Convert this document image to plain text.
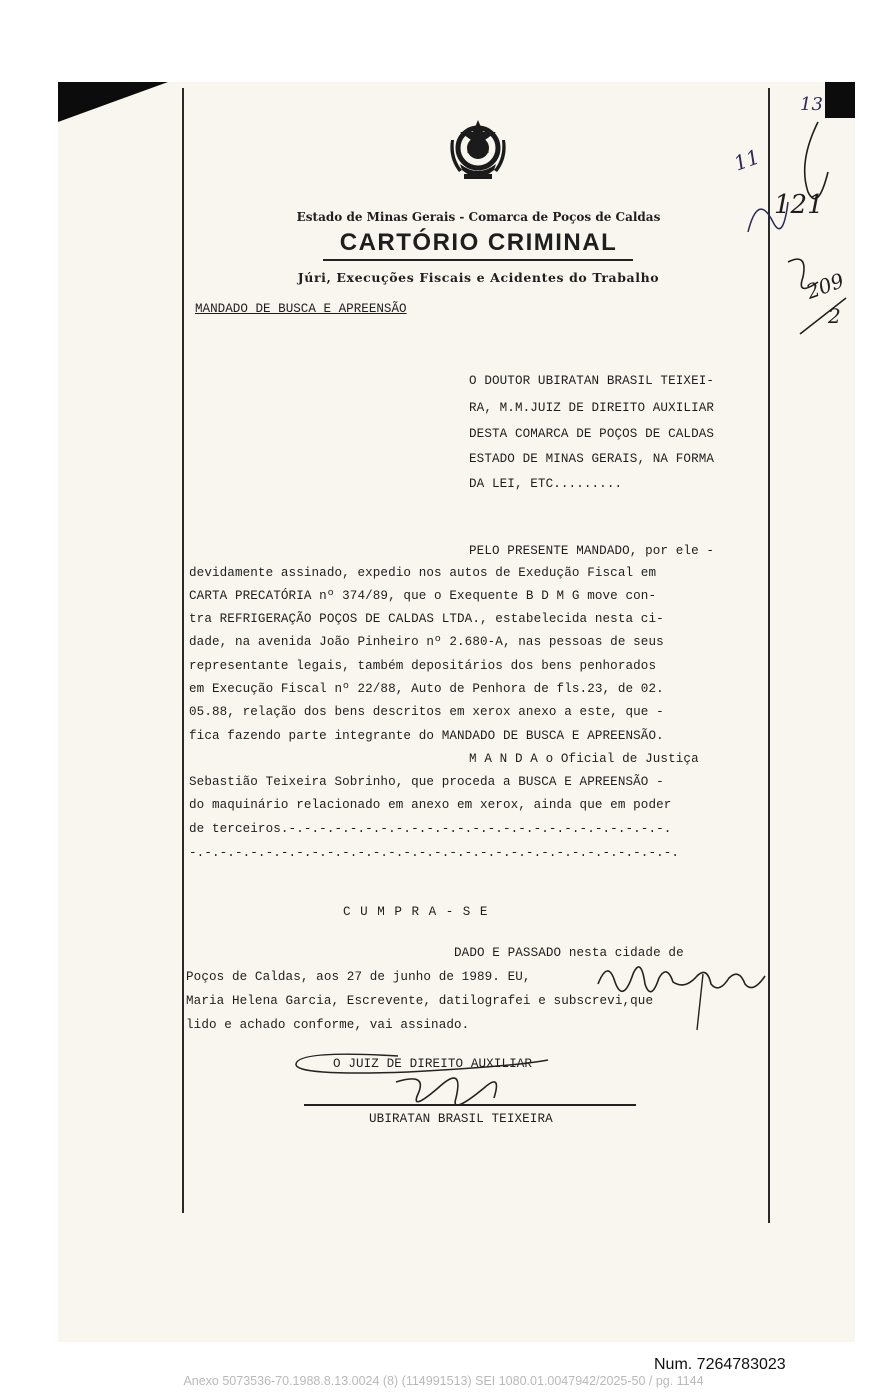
Estado de Minas Gerais - Comarca de Poços de Caldas
CARTÓRIO CRIMINAL
Júri, Execuções Fiscais e Acidentes do Trabalho
MANDADO DE BUSCA E APREENSÃO
O DOUTOR UBIRATAN BRASIL TEIXEI-
RA, M.M.JUIZ DE DIREITO AUXILIAR
DESTA COMARCA DE POÇOS DE CALDAS
ESTADO DE MINAS GERAIS, NA FORMA
DA LEI, ETC.........
PELO PRESENTE MANDADO, por ele -
devidamente assinado, expedio nos autos de Exedução Fiscal em
CARTA PRECATÓRIA nº 374/89, que o Exequente B D M G move con-
tra REFRIGERAÇÃO POÇOS DE CALDAS LTDA., estabelecida nesta ci-
dade, na avenida João Pinheiro nº 2.680-A, nas pessoas de seus
representante legais, também depositários dos bens penhorados
em Execução Fiscal nº 22/88, Auto de Penhora de fls.23, de 02.
05.88, relação dos bens descritos em xerox anexo a este, que -
fica fazendo parte integrante do MANDADO DE BUSCA E APREENSÃO.
M A N D A o Oficial de Justiça
Sebastião Teixeira Sobrinho, que proceda a BUSCA E APREENSÃO -
do maquinário relacionado em anexo em xerox, ainda que em poder
de terceiros.-.-.-.-.-.-.-.-.-.-.-.-.-.-.-.-.-.-.-.-.-.-.-.-.-.
-.-.-.-.-.-.-.-.-.-.-.-.-.-.-.-.-.-.-.-.-.-.-.-.-.-.-.-.-.-.-.-.
C U M P R A - S E
DADO E PASSADO nesta cidade de
Poços de Caldas, aos 27 de junho de 1989. EU,
Maria Helena Garcia, Escrevente, datilografei e subscrevi,que
lido e achado conforme, vai assinado.
O JUIZ DE DIREITO AUXILIAR
UBIRATAN BRASIL TEIXEIRA
13
11
121
209
2
Num. 7264783023
Anexo 5073536-70.1988.8.13.0024 (8) (114991513) SEI 1080.01.0047942/2025-50 / pg. 1144
